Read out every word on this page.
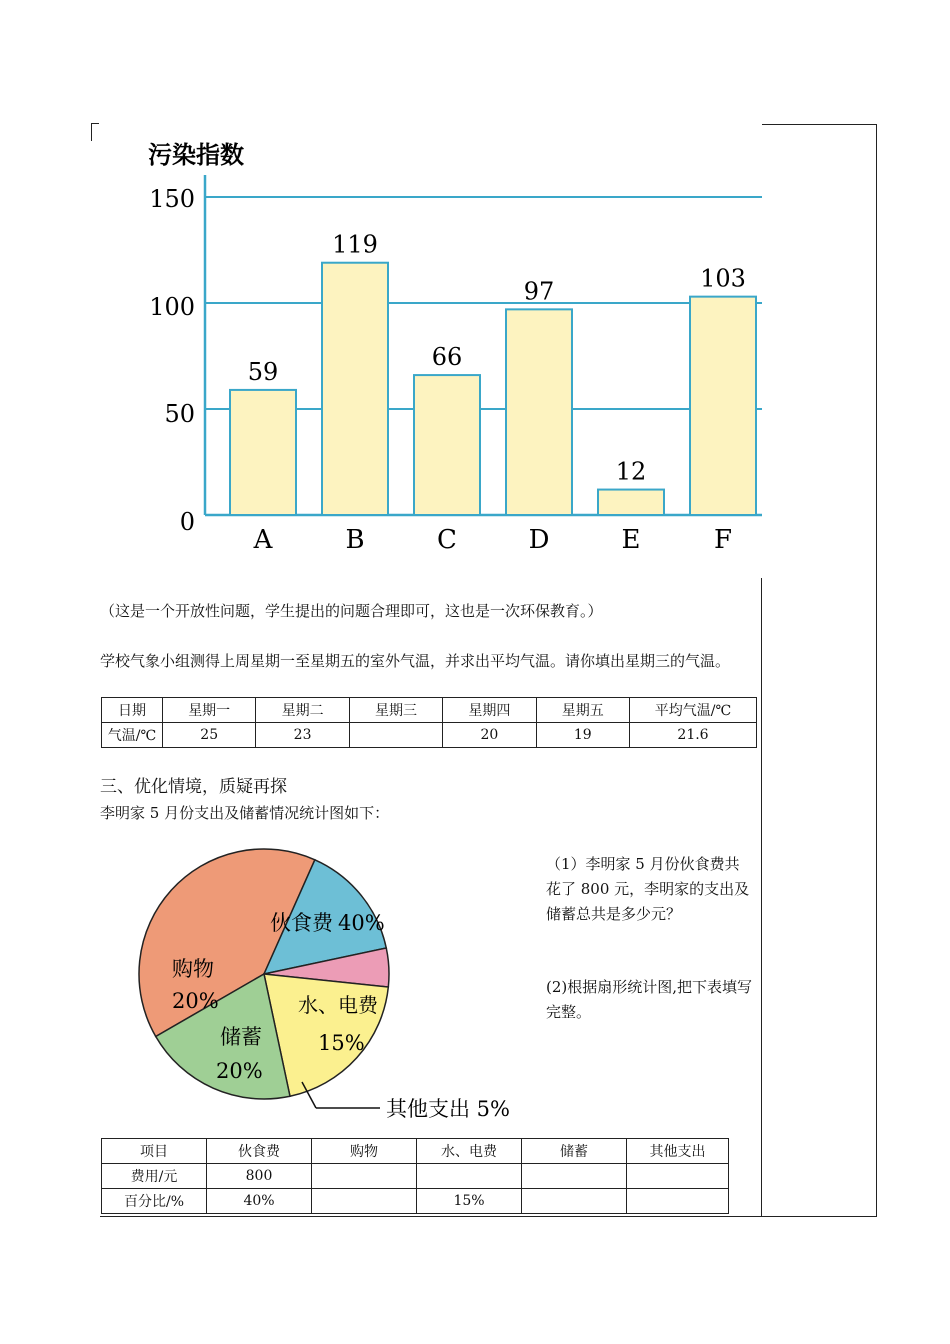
污染指数
150
100
50
0
59
119
66
97
12
103
A	B	C	D	E	F
（这是一个开放性问题，学生提出的问题合理即可，这也是一次环保教育。）
学校气象小组测得上周星期一至星期五的室外气温，并求出平均气温。请你填出星期三的气温。
日期	星期一	星期二	星期三	星期四	星期五	平均气温/℃
气温/℃	25	23		20	19	21.6
三、优化情境，质疑再探
李明家 5 月份支出及储蓄情况统计图如下：
伙食费 40%
购物
20%	水、电费
15%
储蓄
20%
其他支出 5%
（1）李明家 5 月份伙食费共花了 800 元，李明家的支出及储蓄总共是多少元？
(2)根据扇形统计图,把下表填写完整。
项目	伙食费	购物	水、电费	储蓄	其他支出
费用/元	800				
百分比/%	40%		15%		
